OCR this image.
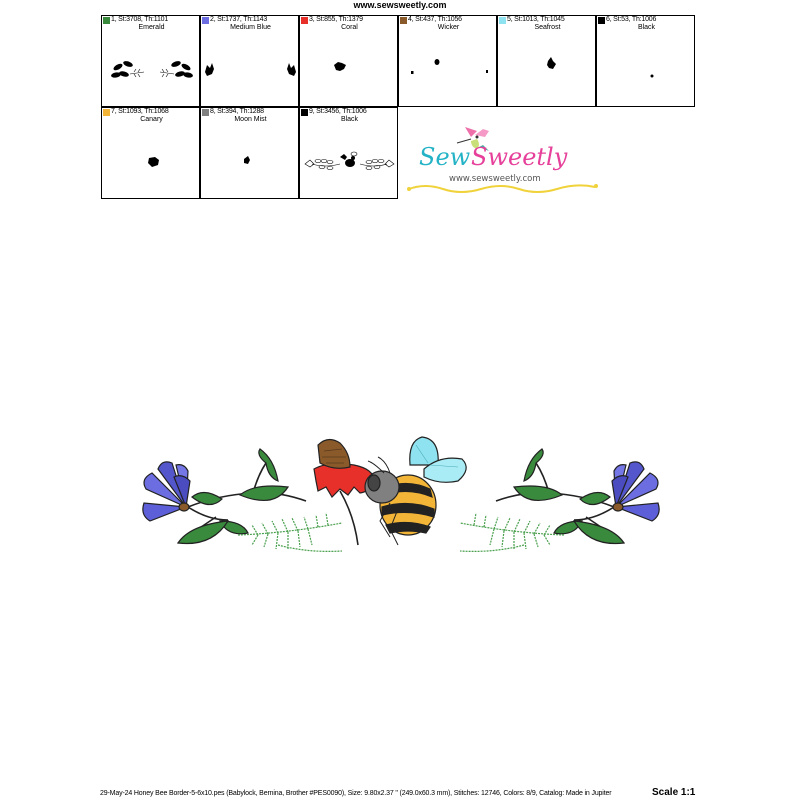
www.sewsweetly.com
1, St:3708, Th:1101
Emerald
2, St:1737, Th:1143
Medium Blue
3, St:855, Th:1379
Coral
4, St:437, Th:1056
Wicker
5, St:1013, Th:1045
Seafrost
6, St:53, Th:1006
Black
7, St:1093, Th:1068
Canary
8, St:394, Th:1288
Moon Mist
9, St:3456, Th:1006
Black
Sew Sweetly
www.sewsweetly.com
29-May-24 Honey Bee Border-5-6x10.pes (Babylock, Bernina, Brother #PES0090), Size: 9.80x2.37 " (249.0x60.3 mm), Stitches: 12746, Colors: 8/9, Catalog: Made in Jupiter	Scale 1:1
